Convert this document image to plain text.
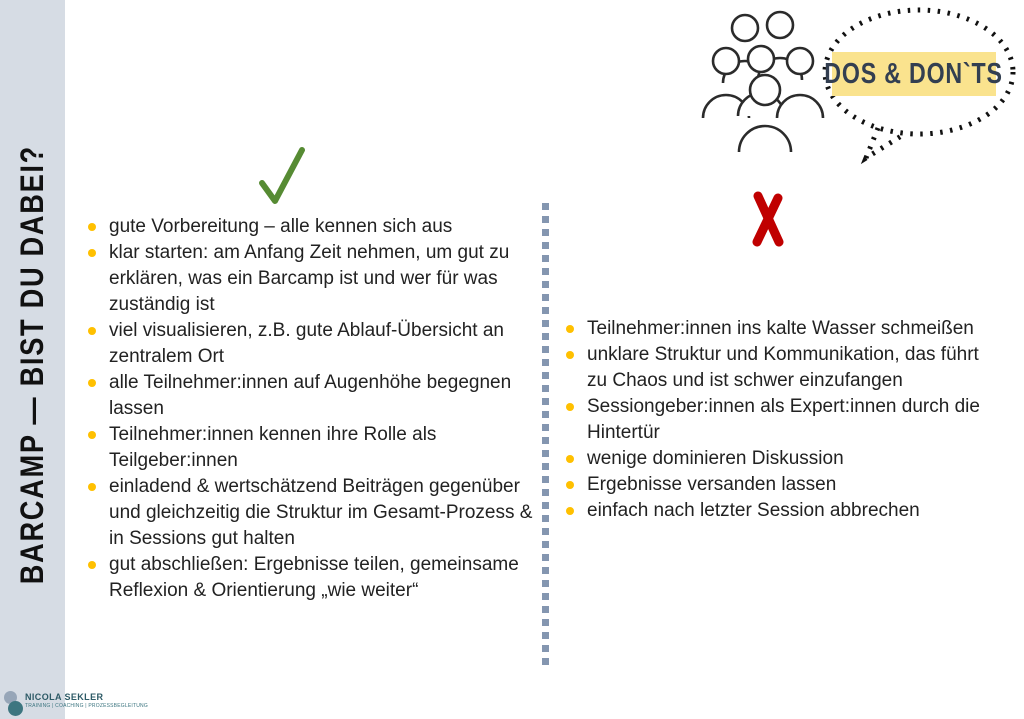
BARCAMP — BIST DU DABEI?
DOS & DON`TS
gute Vorbereitung – alle kennen sich aus
klar starten: am Anfang Zeit nehmen, um gut zu erklären, was ein Barcamp ist und wer für was zuständig ist
viel visualisieren, z.B. gute Ablauf-Übersicht an zentralem Ort
alle Teilnehmer:innen auf Augenhöhe begegnen lassen
Teilnehmer:innen kennen ihre Rolle als Teilgeber:innen
einladend & wertschätzend Beiträgen gegenüber und gleichzeitig die Struktur im Gesamt-Prozess & in Sessions gut halten
gut abschließen: Ergebnisse teilen, gemeinsame Reflexion & Orientierung „wie weiter“
Teilnehmer:innen ins kalte Wasser schmeißen
unklare Struktur und Kommunikation, das führt zu Chaos und ist schwer einzufangen
Sessiongeber:innen als Expert:innen durch die Hintertür
wenige dominieren Diskussion
Ergebnisse versanden lassen
einfach nach letzter Session abbrechen
NICOLA SEKLER
TRAINING | COACHING | PROZESSBEGLEITUNG
